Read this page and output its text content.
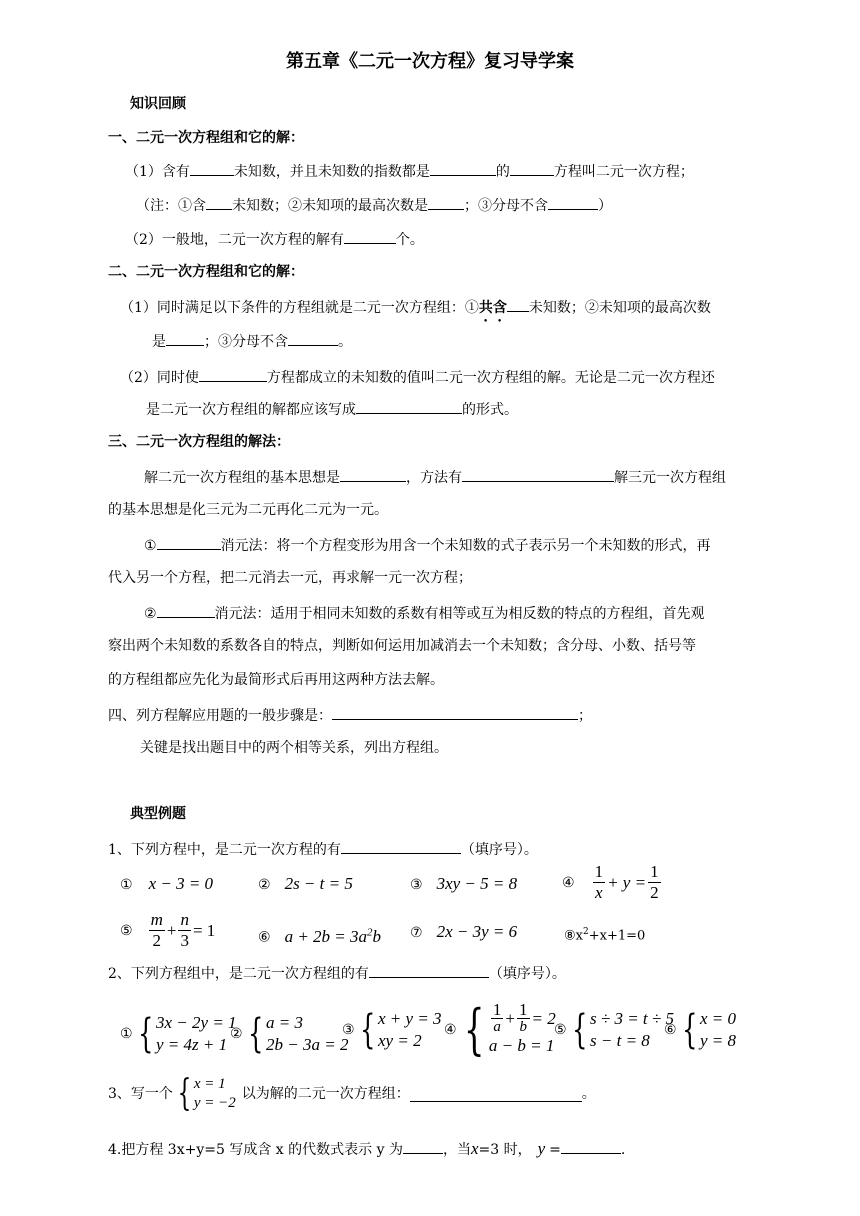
第五章《二元一次方程》复习导学案
知识回顾
一、二元一次方程组和它的解：
（1）含有	未知数，并且未知数的指数都是	的	方程叫二元一次方程；
（注：①含 未知数；②未知项的最高次数是	；③分母不含	）
（2）一般地，二元一次方程的解有	个。
二、二元一次方程组和它的解：
（1）同时满足以下条件的方程组就是二元一次方程组：①共含 未知数；②未知项的最高次数
是	；③分母不含	。
（2）同时使	方程都成立的未知数的值叫二元一次方程组的解。无论是二元一次方程还
是二元一次方程组的解都应该写成	的形式。
三、二元一次方程组的解法：
解二元一次方程组的基本思想是	，方法有	解三元一次方程组
的基本思想是化三元为二元再化二元为一元。
①	消元法：将一个方程变形为用含一个未知数的式子表示另一个未知数的形式，再
代入另一个方程，把二元消去一元，再求解一元一次方程；
②	消元法：适用于相同未知数的系数有相等或互为相反数的特点的方程组，首先观
察出两个未知数的系数各自的特点，判断如何运用加减消去一个未知数；含分母、小数、括号等
的方程组都应先化为最简形式后再用这两种方法去解。
四、列方程解应用题的一般步骤是：	；
关键是找出题目中的两个相等关系，列出方程组。
典型例题
1、下列方程中，是二元一次方程的有	（填序号）。
① x − 3 = 0	② 2s − t = 5	③ 3xy − 5 = 8	④ $\frac{1}{x} + y = \frac{1}{2}$
⑤ $\frac{m}{2} + \frac{n}{3} = 1$	⑥ $a + 2b = 3a^2b$ ⑦ 2x − 3y = 6	$⑧x^2+x+1=0$
2、下列方程组中，是二元一次方程组的有	（填序号）。
① { 3x − 2y = 1
y = 4z + 1
② { a = 3
2b − 3a = 2
③ { x + y = 3
xy = 2
④ { $\frac{1}{a} + \frac{1}{b} = 2$
a − b = 1
⑤ { s ÷ 3 = t ÷ 5
s − t = 8
⑥ { x = 0
y = 8
3、写一个 { x = 1
y = −2
以为解的二元一次方程组：	。
4.把方程 3x+y=5 写成含 x 的代数式表示 y 为	，当x=3 时， y =	.
